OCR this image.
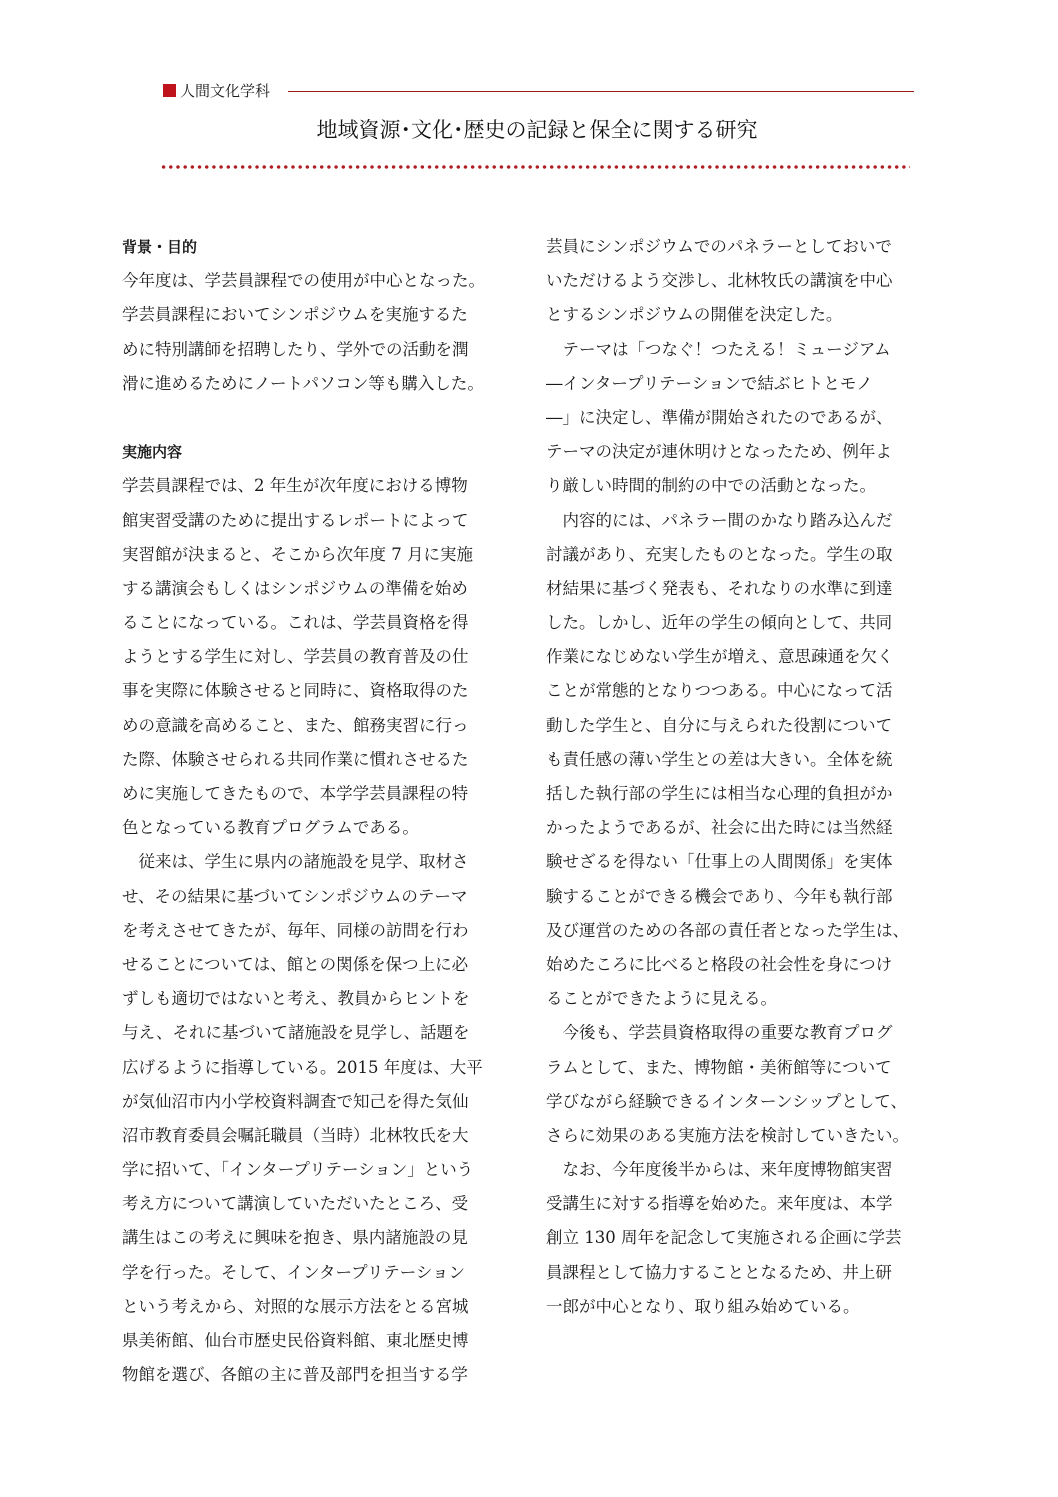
人間文化学科
地域資源･文化･歴史の記録と保全に関する研究
背景・目的
今年度は、学芸員課程での使用が中心となった。
学芸員課程においてシンポジウムを実施するた
めに特別講師を招聘したり、学外での活動を潤
滑に進めるためにノートパソコン等も購入した。
実施内容
学芸員課程では、2 年生が次年度における博物
館実習受講のために提出するレポートによって
実習館が決まると、そこから次年度 7 月に実施
する講演会もしくはシンポジウムの準備を始め
ることになっている。これは、学芸員資格を得
ようとする学生に対し、学芸員の教育普及の仕
事を実際に体験させると同時に、資格取得のた
めの意識を高めること、また、館務実習に行っ
た際、体験させられる共同作業に慣れさせるた
めに実施してきたもので、本学学芸員課程の特
色となっている教育プログラムである。
　従来は、学生に県内の諸施設を見学、取材さ
せ、その結果に基づいてシンポジウムのテーマ
を考えさせてきたが、毎年、同様の訪問を行わ
せることについては、館との関係を保つ上に必
ずしも適切ではないと考え、教員からヒントを
与え、それに基づいて諸施設を見学し、話題を
広げるように指導している。2015 年度は、大平
が気仙沼市内小学校資料調査で知己を得た気仙
沼市教育委員会嘱託職員（当時）北林牧氏を大
学に招いて、「インタープリテーション」という
考え方について講演していただいたところ、受
講生はこの考えに興味を抱き、県内諸施設の見
学を行った。そして、インタープリテーション
という考えから、対照的な展示方法をとる宮城
県美術館、仙台市歴史民俗資料館、東北歴史博
物館を選び、各館の主に普及部門を担当する学
芸員にシンポジウムでのパネラーとしておいで
いただけるよう交渉し、北林牧氏の講演を中心
とするシンポジウムの開催を決定した。
　テーマは「つなぐ！つたえる！ミュージアム
―インタープリテーションで結ぶヒトとモノ
―」に決定し、準備が開始されたのであるが、
テーマの決定が連休明けとなったため、例年よ
り厳しい時間的制約の中での活動となった。
　内容的には、パネラー間のかなり踏み込んだ
討議があり、充実したものとなった。学生の取
材結果に基づく発表も、それなりの水準に到達
した。しかし、近年の学生の傾向として、共同
作業になじめない学生が増え、意思疎通を欠く
ことが常態的となりつつある。中心になって活
動した学生と、自分に与えられた役割について
も責任感の薄い学生との差は大きい。全体を統
括した執行部の学生には相当な心理的負担がか
かったようであるが、社会に出た時には当然経
験せざるを得ない「仕事上の人間関係」を実体
験することができる機会であり、今年も執行部
及び運営のための各部の責任者となった学生は、
始めたころに比べると格段の社会性を身につけ
ることができたように見える。
　今後も、学芸員資格取得の重要な教育プログ
ラムとして、また、博物館・美術館等について
学びながら経験できるインターンシップとして、
さらに効果のある実施方法を検討していきたい。
　なお、今年度後半からは、来年度博物館実習
受講生に対する指導を始めた。来年度は、本学
創立 130 周年を記念して実施される企画に学芸
員課程として協力することとなるため、井上研
一郎が中心となり、取り組み始めている。
